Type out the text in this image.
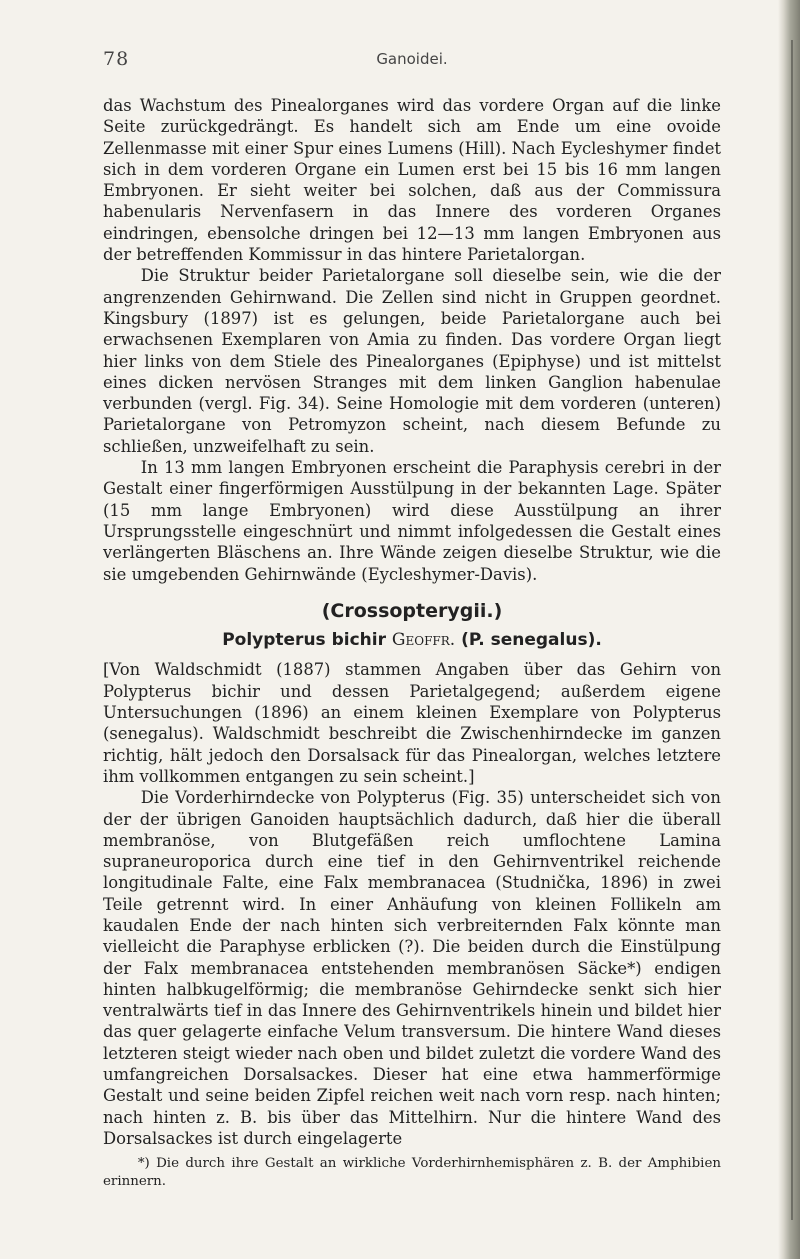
78	Ganoidei.

das Wachstum des Pinealorganes wird das vordere Organ auf die linke Seite zurückgedrängt. Es handelt sich am Ende um eine ovoide Zellenmasse mit einer Spur eines Lumens (Hill). Nach Eycleshymer findet sich in dem vorderen Organe ein Lumen erst bei 15 bis 16 mm langen Embryonen. Er sieht weiter bei solchen, daß aus der Commissura habenularis Nervenfasern in das Innere des vorderen Organes eindringen, ebensolche dringen bei 12—13 mm langen Embryonen aus der betreffenden Kommissur in das hintere Parietalorgan.

Die Struktur beider Parietalorgane soll dieselbe sein, wie die der angrenzenden Gehirnwand. Die Zellen sind nicht in Gruppen geordnet. Kingsbury (1897) ist es gelungen, beide Parietalorgane auch bei erwachsenen Exemplaren von Amia zu finden. Das vordere Organ liegt hier links von dem Stiele des Pinealorganes (Epiphyse) und ist mittelst eines dicken nervösen Stranges mit dem linken Ganglion habenulae verbunden (vergl. Fig. 34). Seine Homologie mit dem vorderen (unteren) Parietalorgane von Petromyzon scheint, nach diesem Befunde zu schließen, unzweifelhaft zu sein.

In 13 mm langen Embryonen erscheint die Paraphysis cerebri in der Gestalt einer fingerförmigen Ausstülpung in der bekannten Lage. Später (15 mm lange Embryonen) wird diese Ausstülpung an ihrer Ursprungsstelle eingeschnürt und nimmt infolgedessen die Gestalt eines verlängerten Bläschens an. Ihre Wände zeigen dieselbe Struktur, wie die sie umgebenden Gehirnwände (Eycleshymer-Davis).

(Crossopterygii.)

Polypterus bichir Geoffr. (P. senegalus).

[Von Waldschmidt (1887) stammen Angaben über das Gehirn von Polypterus bichir und dessen Parietalgegend; außerdem eigene Untersuchungen (1896) an einem kleinen Exemplare von Polypterus (senegalus). Waldschmidt beschreibt die Zwischenhirndecke im ganzen richtig, hält jedoch den Dorsalsack für das Pinealorgan, welches letztere ihm vollkommen entgangen zu sein scheint.]

Die Vorderhirndecke von Polypterus (Fig. 35) unterscheidet sich von der der übrigen Ganoiden hauptsächlich dadurch, daß hier die überall membranöse, von Blutgefäßen reich umflochtene Lamina supraneuroporica durch eine tief in den Gehirnventrikel reichende longitudinale Falte, eine Falx membranacea (Studnička, 1896) in zwei Teile getrennt wird. In einer Anhäufung von kleinen Follikeln am kaudalen Ende der nach hinten sich verbreiternden Falx könnte man vielleicht die Paraphyse erblicken (?). Die beiden durch die Einstülpung der Falx membranacea entstehenden membranösen Säcke*) endigen hinten halbkugelförmig; die membranöse Gehirndecke senkt sich hier ventralwärts tief in das Innere des Gehirnventrikels hinein und bildet hier das quer gelagerte einfache Velum transversum. Die hintere Wand dieses letzteren steigt wieder nach oben und bildet zuletzt die vordere Wand des umfangreichen Dorsalsackes. Dieser hat eine etwa hammerförmige Gestalt und seine beiden Zipfel reichen weit nach vorn resp. nach hinten; nach hinten z. B. bis über das Mittelhirn. Nur die hintere Wand des Dorsalsackes ist durch eingelagerte

*) Die durch ihre Gestalt an wirkliche Vorderhirnhemisphären z. B. der Amphibien erinnern.
